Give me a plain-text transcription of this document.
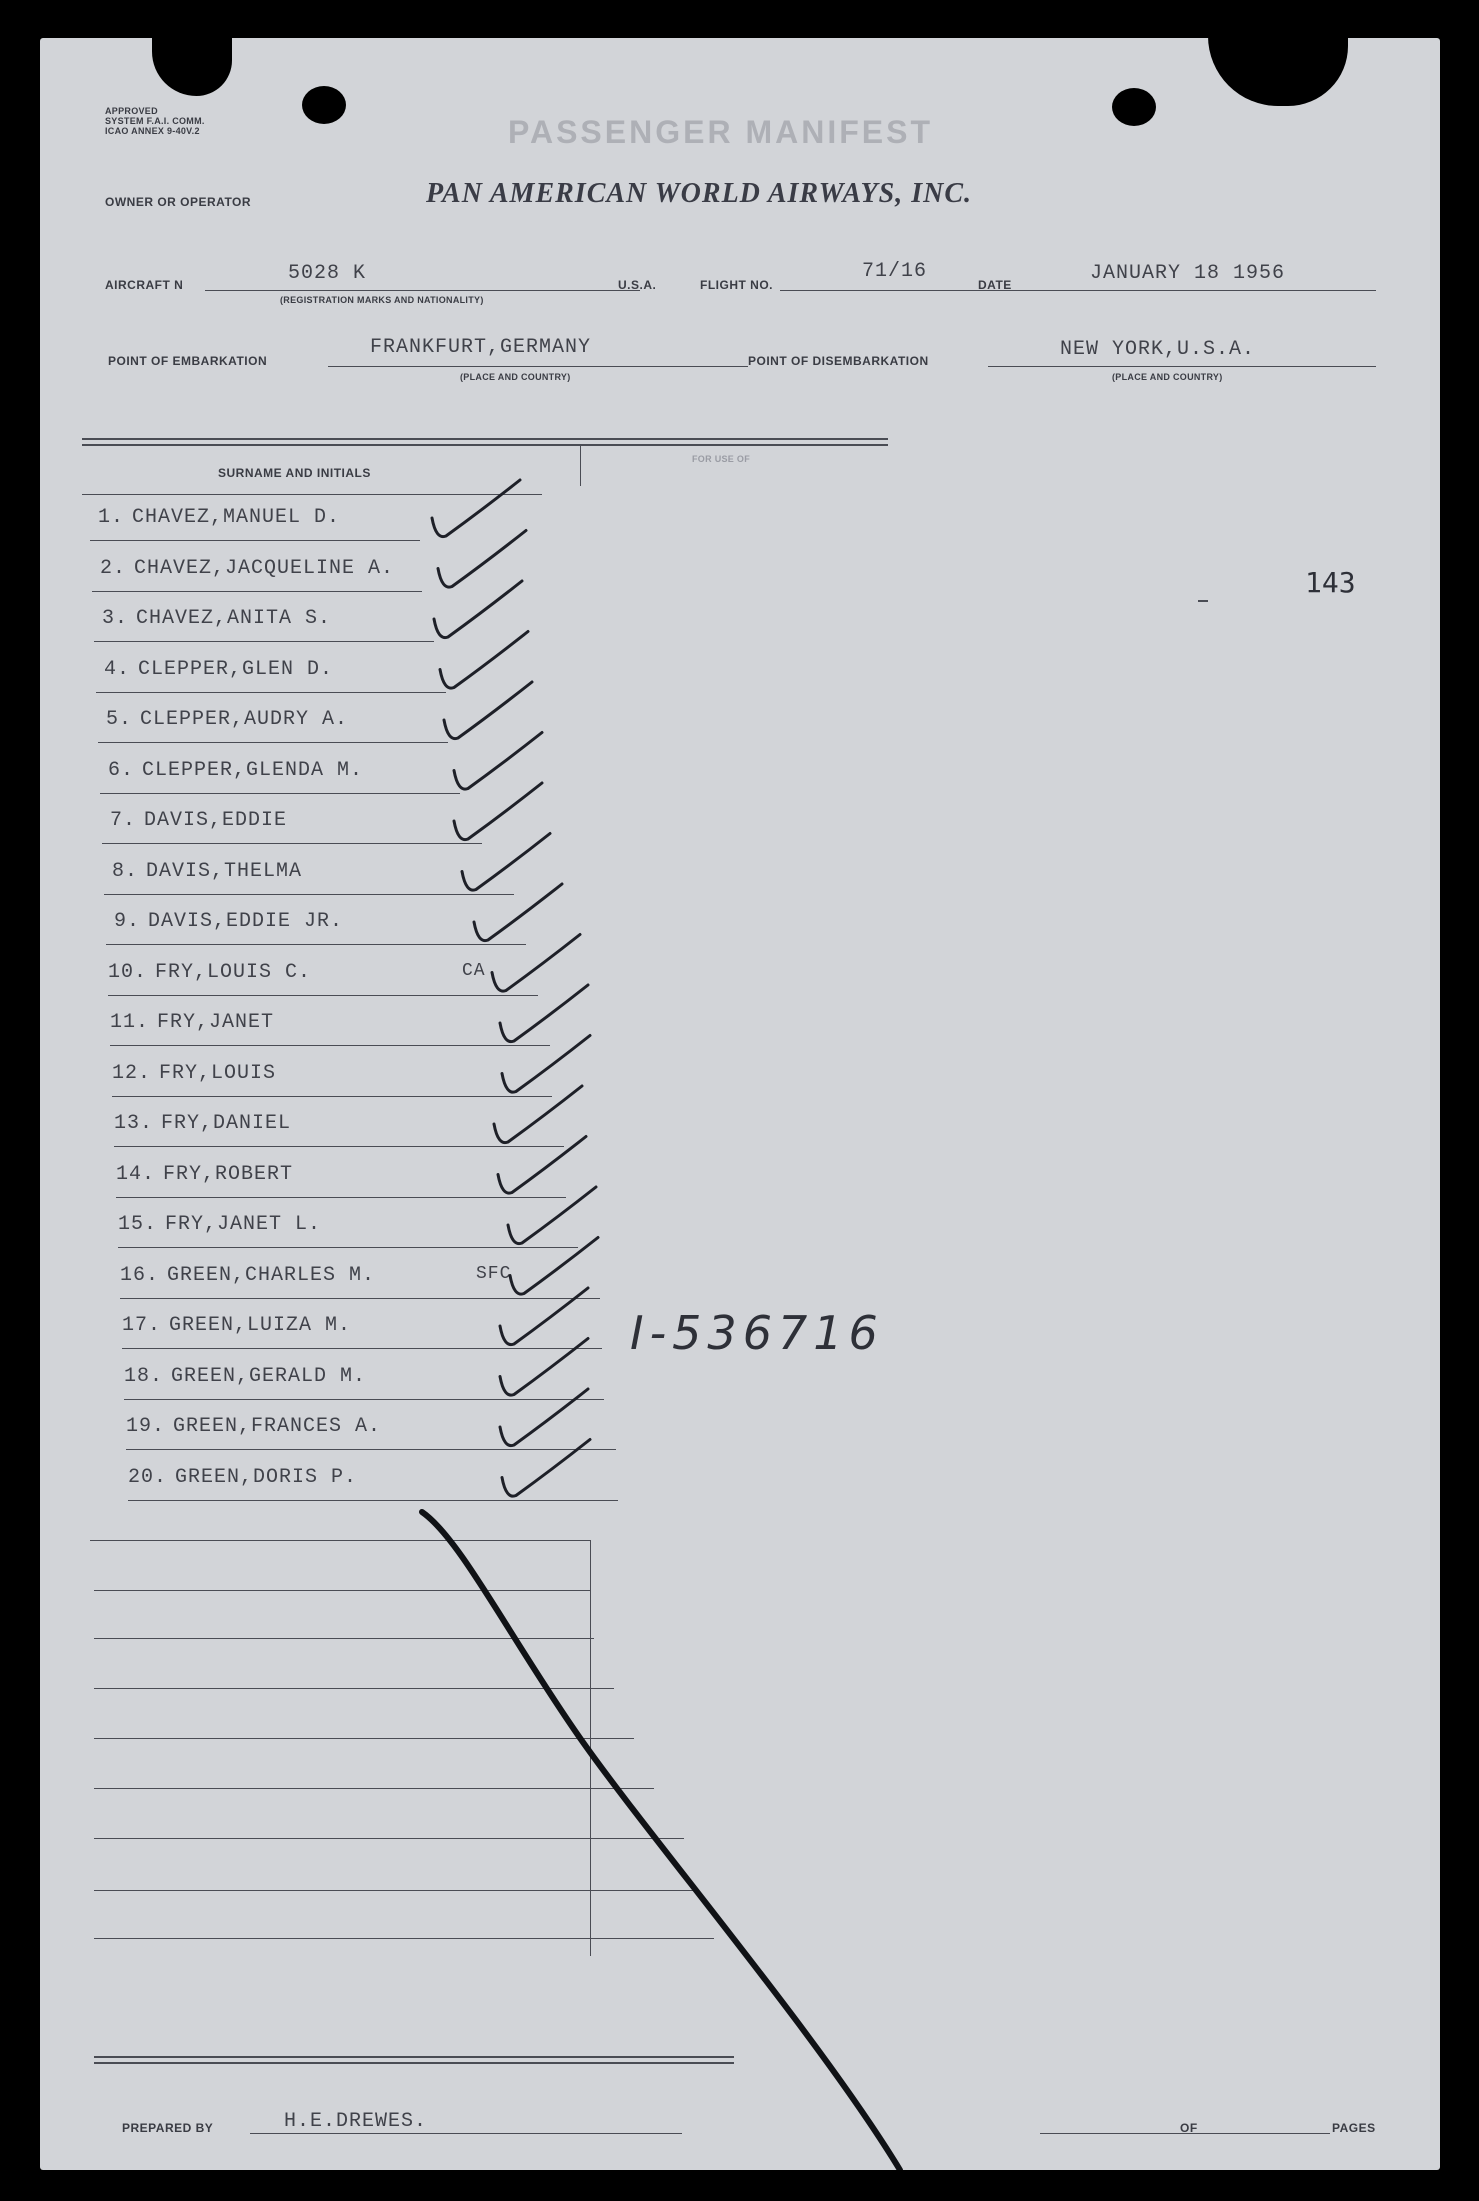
APPROVED
SYSTEM F.A.I. COMM.
ICAO ANNEX 9-40V.2	PASSENGER MANIFEST
OWNER OR OPERATOR	PAN AMERICAN WORLD AIRWAYS, INC.
AIRCRAFT N	5028 K
(REGISTRATION MARKS AND NATIONALITY)
U.S.A.	FLIGHT NO.
71/16
DATE	JANUARY 18 1956
POINT OF EMBARKATION
FRANKFURT,GERMANY
(PLACE AND COUNTRY)
POINT OF DISEMBARKATION	NEW YORK,U.S.A.
(PLACE AND COUNTRY)
SURNAME AND INITIALS
FOR USE OF
143
1. CHAVEZ,MANUEL D.
2. CHAVEZ,JACQUELINE A.
3. CHAVEZ,ANITA S.
4. CLEPPER,GLEN D.
5. CLEPPER,AUDRY A.
6. CLEPPER,GLENDA M.
7. DAVIS,EDDIE
8. DAVIS,THELMA
9. DAVIS,EDDIE JR.
10. FRY,LOUIS C.	CA
11. FRY,JANET
12. FRY,LOUIS
13. FRY,DANIEL
14. FRY,ROBERT
15. FRY,JANET L.
16. GREEN,CHARLES M.	SFC
17. GREEN,LUIZA M.
18. GREEN,GERALD M.
19. GREEN,FRANCES A.
20. GREEN,DORIS P.
PREPARED BY	H.E.DREWES.	OF	PAGES
I-536716
